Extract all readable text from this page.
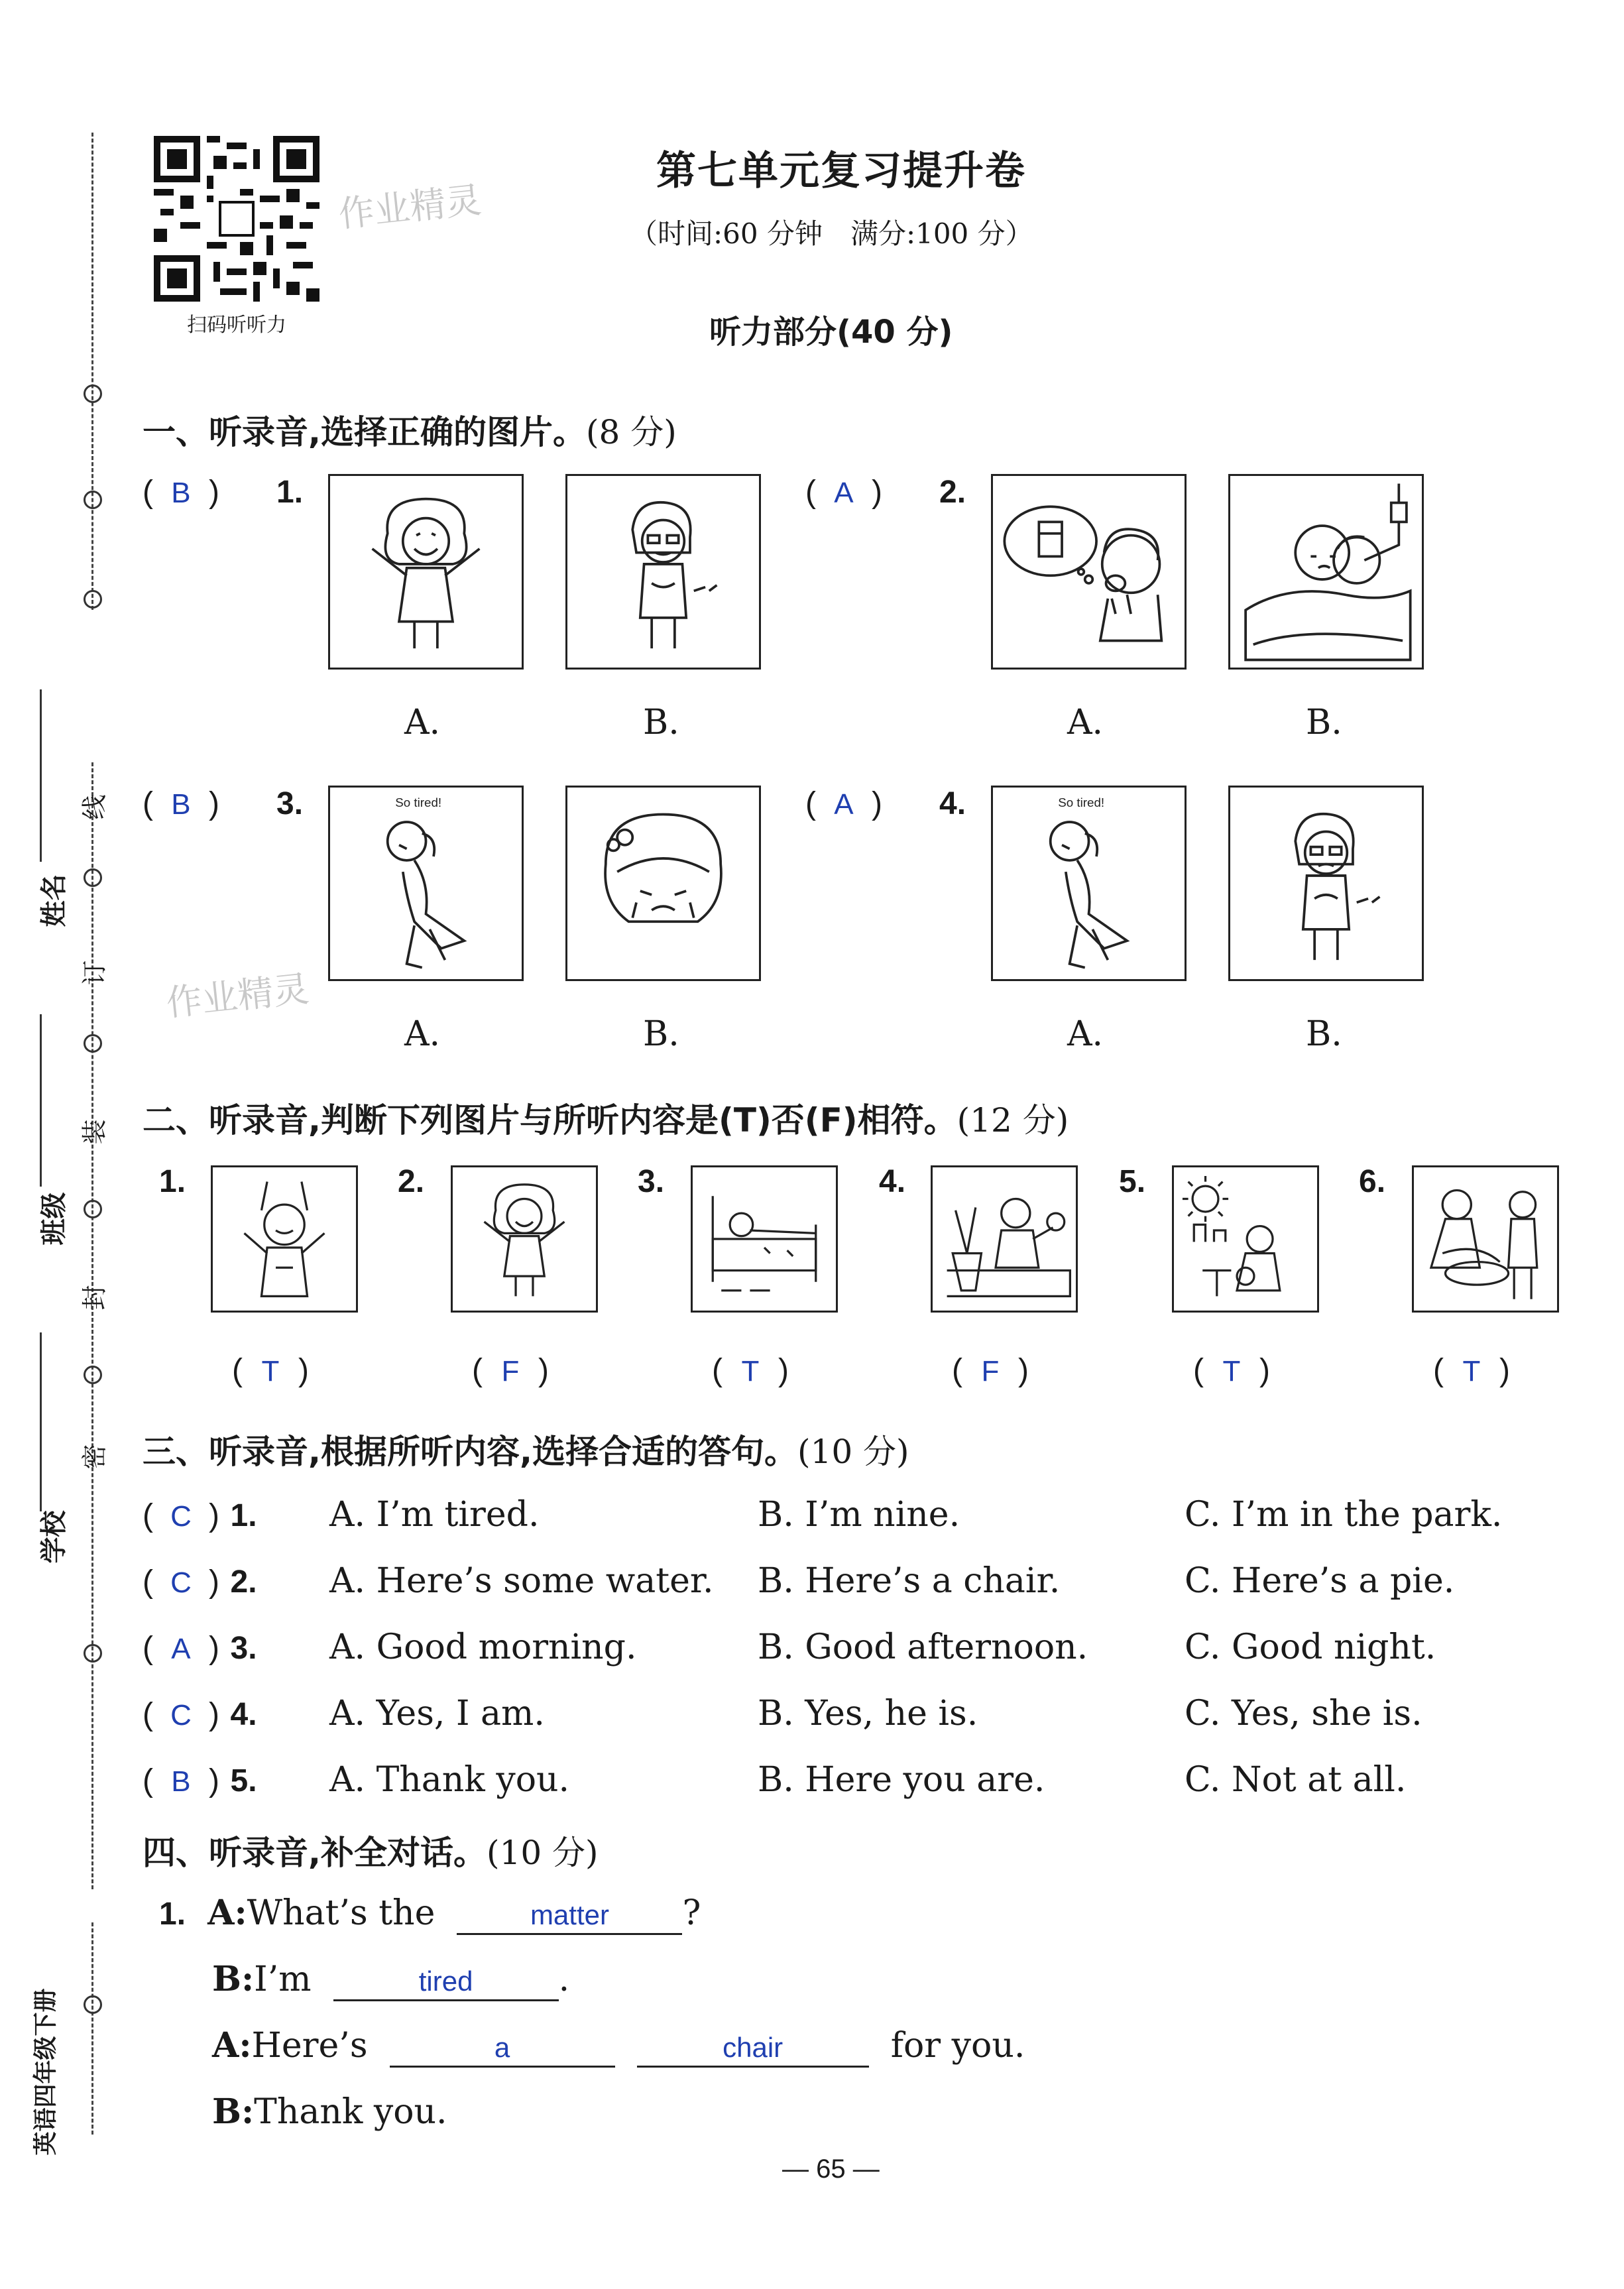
线
订
装
封
密
姓名
班级
学校
英语四年级下册
扫码听听力
作业精灵
作业精灵
第七单元复习提升卷
（时间:60 分钟　满分:100 分）
听力部分(40 分)
一、听录音,选择正确的图片。(8 分)
( B ) 1.
A.	B.
( A ) 2.
A.	B.
( B ) 3.	So tired!
A.	B.
( A ) 4.	So tired!
A.	B.
二、听录音,判断下列图片与所听内容是(T)否(F)相符。(12 分)
1.
( T )
2.
( F )
3.
( T )
4.
( F )
5.
( T )
6.
( T )
三、听录音,根据所听内容,选择合适的答句。(10 分)
( C ) 1. A. I’m tired.	B. I’m nine.	C. I’m in the park.
( C ) 2. A. Here’s some water. B. Here’s a chair.	C. Here’s a pie.
( A ) 3. A. Good morning.	B. Good afternoon.	C. Good night.
( C ) 4. A. Yes, I am.	B. Yes, he is.	C. Yes, she is.
( B ) 5. A. Thank you.	B. Here you are.	C. Not at all.
四、听录音,补全对话。(10 分)
1. A:What’s the	matter ?
B:I’m	tired .
A:Here’s	a	chair	for you.
B:Thank you.
— 65 —
